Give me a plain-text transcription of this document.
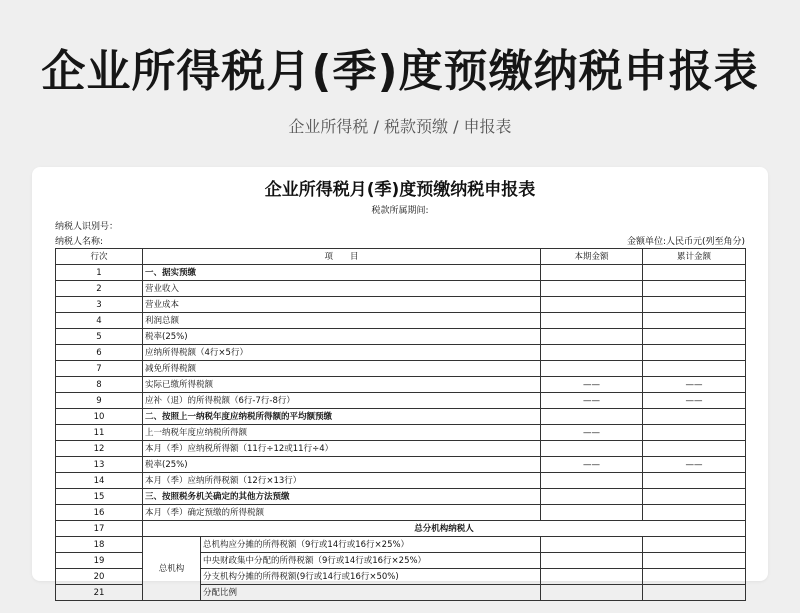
企业所得税月(季)度预缴纳税申报表
企业所得税 / 税款预缴 / 申报表
企业所得税月(季)度预缴纳税申报表
税款所属期间:
纳税人识别号：
纳税人名称:	金额单位:人民币元(列至角分)
行次	项　　目		本期金额	累计金额
1	一、据实预缴			
2	营业收入			
3	营业成本			
4	利润总额			
5	税率(25%)			
6	应纳所得税额（4行×5行）			
7	减免所得税额			
8	实际已缴所得税额		——	——
9	应补（退）的所得税额（6行-7行-8行）		——	——
10	二、按照上一纳税年度应纳税所得额的平均额预缴			
11	上一纳税年度应纳税所得额		——	
12	本月（季）应纳税所得额（11行÷12或11行÷4）			
13	税率(25%)		——	——
14	本月（季）应纳所得税额（12行×13行）			
15	三、按照税务机关确定的其他方法预缴			
16	本月（季）确定预缴的所得税额			
17	总分机构纳税人			
18	总机构	总机构应分摊的所得税额（9行或14行或16行×25%）		
19		中央财政集中分配的所得税额（9行或14行或16行×25%）		
20		分支机构分摊的所得税额(9行或14行或16行×50%)		
21		分配比例		
